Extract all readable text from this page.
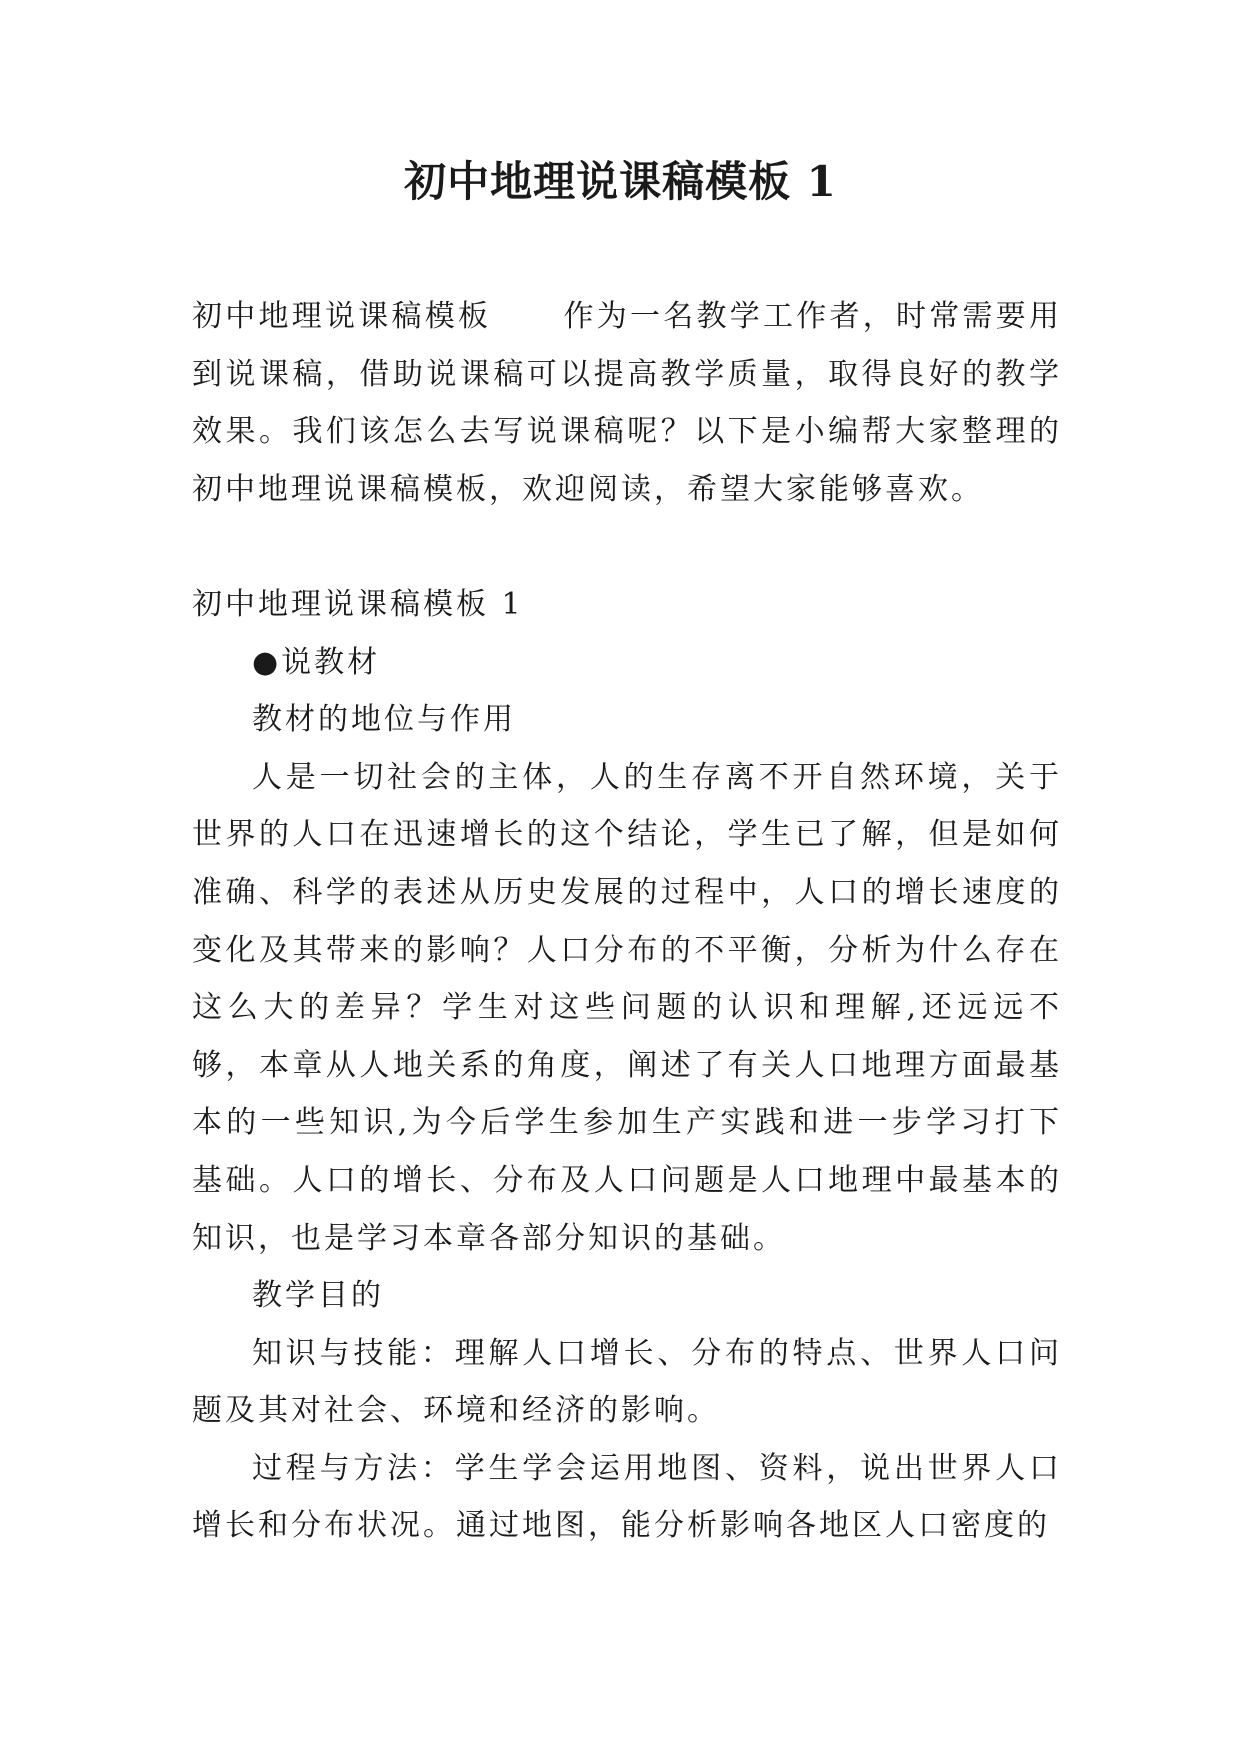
初中地理说课稿模板 1

初中地理说课稿模板 作为一名教学工作者，时常需要用到说课稿，借助说课稿可以提高教学质量，取得良好的教学效果。我们该怎么去写说课稿呢？以下是小编帮大家整理的初中地理说课稿模板，欢迎阅读，希望大家能够喜欢。

初中地理说课稿模板 1

●说教材

教材的地位与作用

人是一切社会的主体，人的生存离不开自然环境，关于世界的人口在迅速增长的这个结论，学生已了解，但是如何准确、科学的表述从历史发展的过程中，人口的增长速度的变化及其带来的影响？人口分布的不平衡，分析为什么存在这么大的差异？学生对这些问题的认识和理解,还远远不够，本章从人地关系的角度，阐述了有关人口地理方面最基本的一些知识,为今后学生参加生产实践和进一步学习打下基础。人口的增长、分布及人口问题是人口地理中最基本的知识，也是学习本章各部分知识的基础。

教学目的

知识与技能：理解人口增长、分布的特点、世界人口问题及其对社会、环境和经济的影响。

过程与方法：学生学会运用地图、资料，说出世界人口增长和分布状况。通过地图，能分析影响各地区人口密度的
